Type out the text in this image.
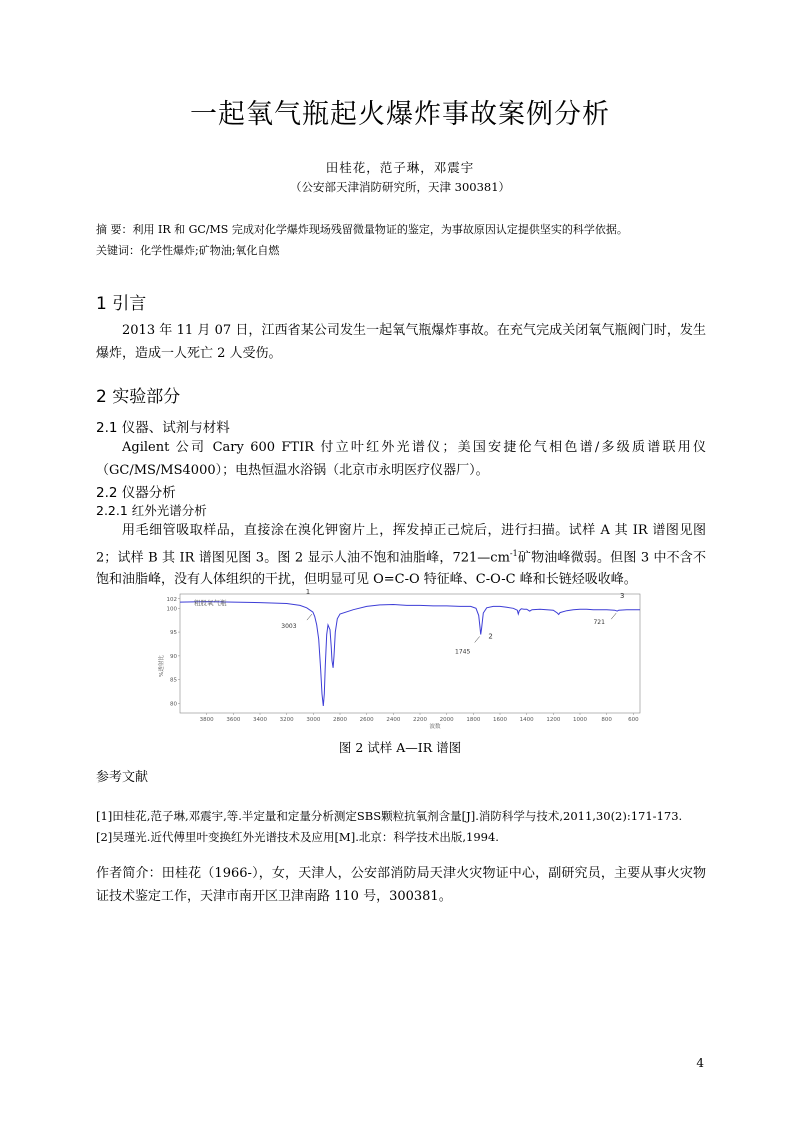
一起氧气瓶起火爆炸事故案例分析
田桂花，范子琳，邓震宇
（公安部天津消防研究所，天津 300381）
摘 要：利用 IR 和 GC/MS 完成对化学爆炸现场残留微量物证的鉴定，为事故原因认定提供坚实的科学依据。
关键词：化学性爆炸;矿物油;氧化自燃
1 引言
2013 年 11 月 07 日，江西省某公司发生一起氧气瓶爆炸事故。在充气完成关闭氧气瓶阀门时，发生爆炸，造成一人死亡 2 人受伤。
2 实验部分
2.1 仪器、试剂与材料
Agilent 公司 Cary 600 FTIR 付立叶红外光谱仪；美国安捷伦气相色谱/多级质谱联用仪（GC/MS/MS4000）；电热恒温水浴锅（北京市永明医疗仪器厂）。
2.2 仪器分析
2.2.1 红外光谱分析
用毛细管吸取样品，直接涂在溴化钾窗片上，挥发掉正己烷后，进行扫描。试样 A 其 IR 谱图见图 2；试样 B 其 IR 谱图见图 3。图 2 显示人油不饱和油脂峰，$721—cm^{-1}$矿物油峰微弱。但图 3 中不含不饱和油脂峰，没有人体组织的干扰，但明显可见 O=C-O 特征峰、C-O-C 峰和长链烃吸收峰。
3800 3600 3400 3200 3000 2800 2600 2400 2200 2000 1800 1600 1400 1200 1000	800	600
80
85
90
95
100
102
1
3003
2
1745
3
721
粗股氧气瓶
%透射比
波数
图 2 试样 A—IR 谱图
参考文献
[1]田桂花,范子琳,邓震宇,等.半定量和定量分析测定SBS颗粒抗氧剂含量[J].消防科学与技术,2011,30(2):171-173.
[2]吴瑾光.近代傅里叶变换红外光谱技术及应用[M].北京：科学技术出版,1994.
作者简介：田桂花（1966-），女，天津人，公安部消防局天津火灾物证中心，副研究员，主要从事火灾物证技术鉴定工作，天津市南开区卫津南路 110 号，300381。
4
